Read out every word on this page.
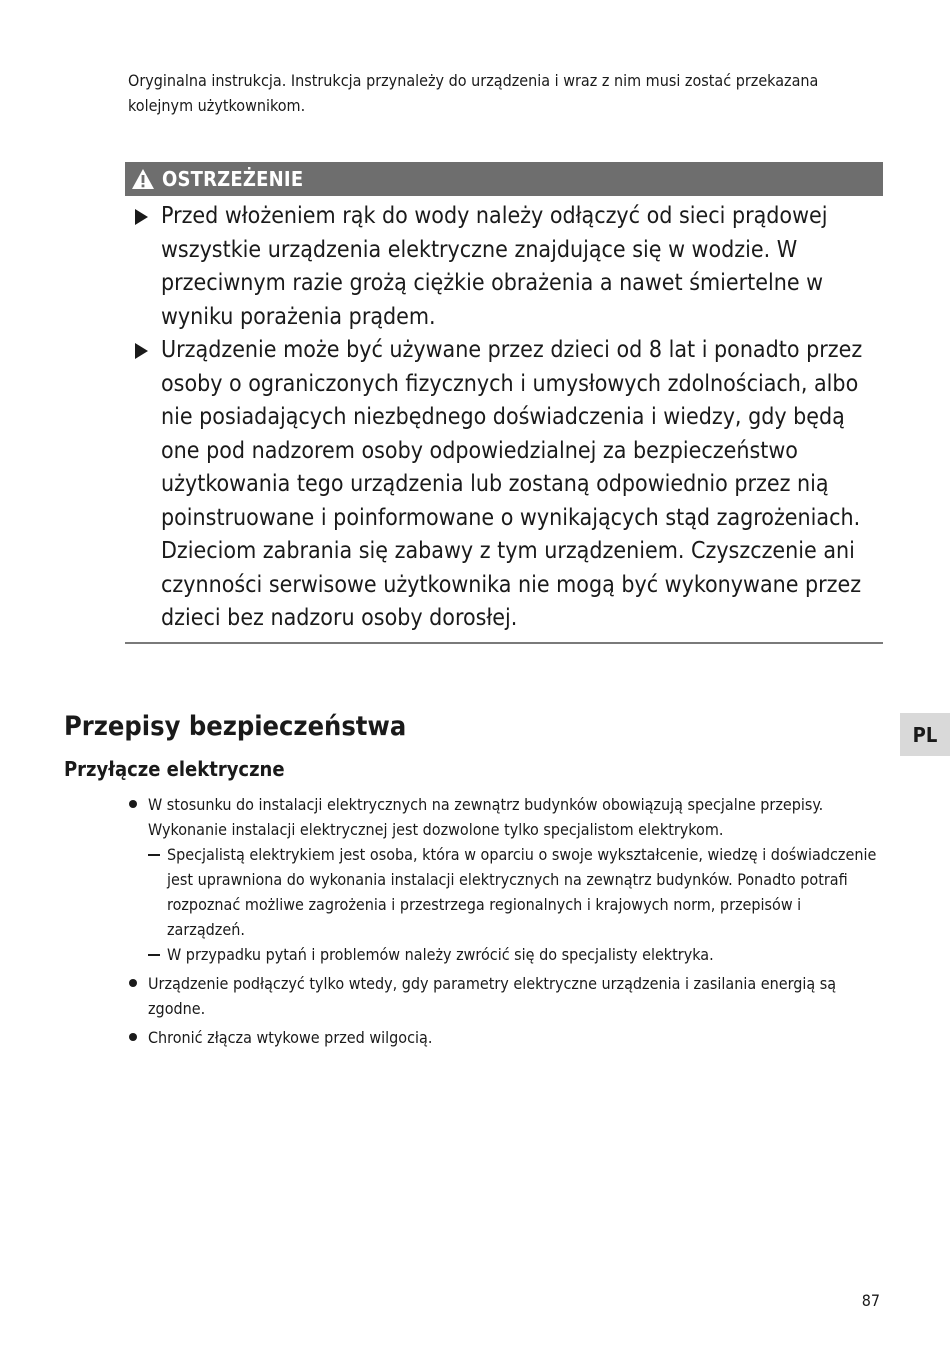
Oryginalna instrukcja. Instrukcja przynależy do urządzenia i wraz z nim musi zostać przekazana kolejnym użytkownikom.

OSTRZEŻENIE
Przed włożeniem rąk do wody należy odłączyć od sieci prądowej wszystkie urządzenia elektryczne znajdujące się w wodzie. W przeciwnym razie grożą ciężkie obrażenia a nawet śmiertelne w wyniku porażenia prądem.
Urządzenie może być używane przez dzieci od 8 lat i ponadto przez osoby o ograniczonych fizycznych i umysłowych zdolnościach, albo nie posiadających niezbędnego doświadczenia i wiedzy, gdy będą one pod nadzorem osoby odpowiedzialnej za bezpieczeństwo użytkowania tego urządzenia lub zostaną odpowiednio przez nią poinstruowane i poinformowane o wynikających stąd zagrożeniach. Dzieciom zabrania się zabawy z tym urządzeniem. Czyszczenie ani czynności serwisowe użytkownika nie mogą być wykonywane przez dzieci bez nadzoru osoby dorosłej.
PL
Przepisy bezpieczeństwa
Przyłącze elektryczne
W stosunku do instalacji elektrycznych na zewnątrz budynków obowiązują specjalne przepisy. Wykonanie instalacji elektrycznej jest dozwolone tylko specjalistom elektrykom.
Specjalistą elektrykiem jest osoba, która w oparciu o swoje wykształcenie, wiedzę i doświadczenie jest uprawniona do wykonania instalacji elektrycznych na zewnątrz budynków. Ponadto potrafi rozpoznać możliwe zagrożenia i przestrzega regionalnych i krajowych norm, przepisów i zarządzeń.
W przypadku pytań i problemów należy zwrócić się do specjalisty elektryka.
Urządzenie podłączyć tylko wtedy, gdy parametry elektryczne urządzenia i zasilania energią są zgodne.
Chronić złącza wtykowe przed wilgocią.
87
